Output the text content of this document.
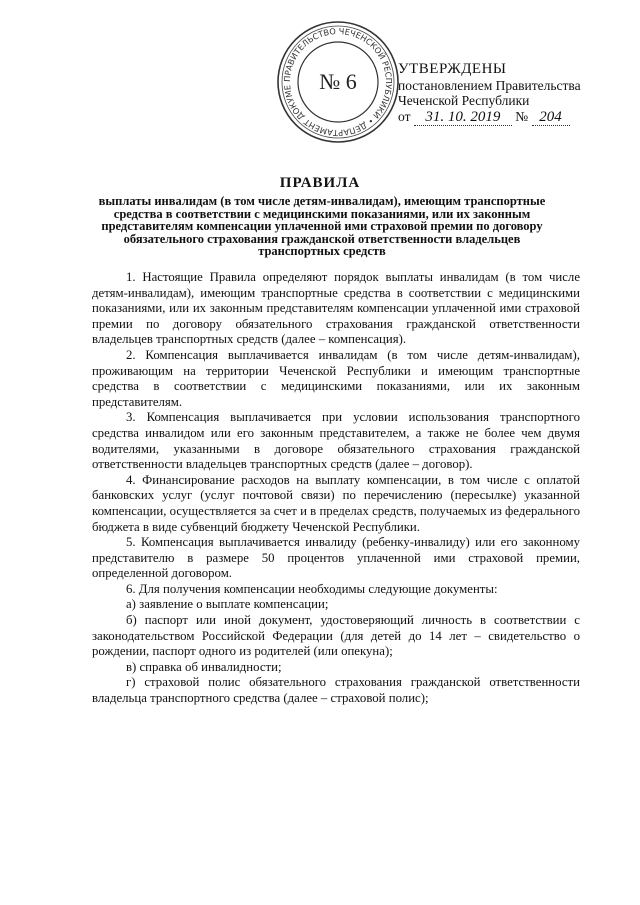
ПРАВИТЕЛЬСТВО ЧЕЧЕНСКОЙ РЕСПУБЛИКИ • ДЕПАРТАМЕНТ ДОКУМЕ	№ 6	УТВЕРЖДЕНЫ
постановлением Правительства
Чеченской Республики
от 31. 10. 2019 № 204
ПРАВИЛА
выплаты инвалидам (в том числе детям-инвалидам), имеющим транспортные средства в соответствии с медицинскими показаниями, или их законным представителям компенсации уплаченной ими страховой премии по договору обязательного страхования гражданской ответственности владельцев транспортных средств

1. Настоящие Правила определяют порядок выплаты инвалидам (в том числе детям-инвалидам), имеющим транспортные средства в соответствии с медицинскими показаниями, или их законным представителям компенсации уплаченной ими страховой премии по договору обязательного страхования гражданской ответственности владельцев транспортных средств (далее – компенсация).

2. Компенсация выплачивается инвалидам (в том числе детям-инвалидам), проживающим на территории Чеченской Республики и имеющим транспортные средства в соответствии с медицинскими показаниями, или их законным представителям.

3. Компенсация выплачивается при условии использования транспортного средства инвалидом или его законным представителем, а также не более чем двумя водителями, указанными в договоре обязательного страхования гражданской ответственности владельцев транспортных средств (далее – договор).

4. Финансирование расходов на выплату компенсации, в том числе с оплатой банковских услуг (услуг почтовой связи) по перечислению (пересылке) указанной компенсации, осуществляется за счет и в пределах средств, получаемых из федерального бюджета в виде субвенций бюджету Чеченской Республики.

5. Компенсация выплачивается инвалиду (ребенку-инвалиду) или его законному представителю в размере 50 процентов уплаченной ими страховой премии, определенной договором.

6. Для получения компенсации необходимы следующие документы:

а) заявление о выплате компенсации;

б) паспорт или иной документ, удостоверяющий личность в соответствии с законодательством Российской Федерации (для детей до 14 лет – свидетельство о рождении, паспорт одного из родителей (или опекуна);

в) справка об инвалидности;

г) страховой полис обязательного страхования гражданской ответственности владельца транспортного средства (далее – страховой полис);
